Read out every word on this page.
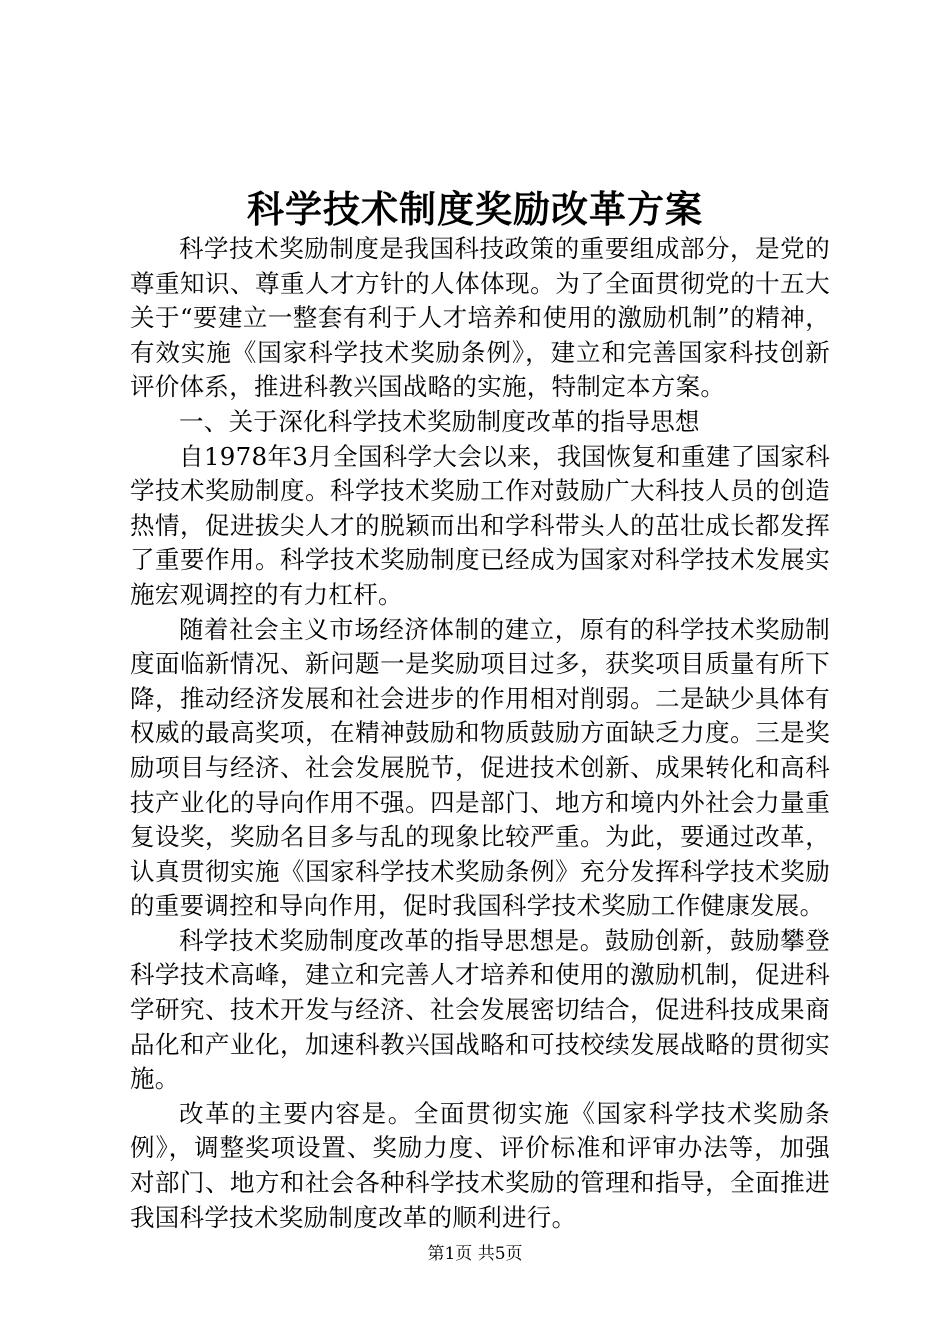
科学技术制度奖励改革方案

科学技术奖励制度是我国科技政策的重要组成部分，是党的尊重知识、尊重人才方针的人体体现。为了全面贯彻党的十五大关于“要建立一整套有利于人才培养和使用的激励机制”的精神，有效实施《国家科学技术奖励条例》，建立和完善国家科技创新评价体系，推进科教兴国战略的实施，特制定本方案。

一、关于深化科学技术奖励制度改革的指导思想

自1978年3月全国科学大会以来，我国恢复和重建了国家科学技术奖励制度。科学技术奖励工作对鼓励广大科技人员的创造热情，促进拔尖人才的脱颖而出和学科带头人的茁壮成长都发挥了重要作用。科学技术奖励制度已经成为国家对科学技术发展实施宏观调控的有力杠杆。

随着社会主义市场经济体制的建立，原有的科学技术奖励制度面临新情况、新问题一是奖励项目过多，获奖项目质量有所下降，推动经济发展和社会进步的作用相对削弱。二是缺少具体有权威的最高奖项，在精神鼓励和物质鼓励方面缺乏力度。三是奖励项目与经济、社会发展脱节，促进技术创新、成果转化和高科技产业化的导向作用不强。四是部门、地方和境内外社会力量重复设奖，奖励名目多与乱的现象比较严重。为此，要通过改革，认真贯彻实施《国家科学技术奖励条例》充分发挥科学技术奖励的重要调控和导向作用，促时我国科学技术奖励工作健康发展。

科学技术奖励制度改革的指导思想是。鼓励创新，鼓励攀登科学技术高峰，建立和完善人才培养和使用的激励机制，促进科学研究、技术开发与经济、社会发展密切结合，促进科技成果商品化和产业化，加速科教兴国战略和可技校续发展战略的贯彻实施。

改革的主要内容是。全面贯彻实施《国家科学技术奖励条例》，调整奖项设置、奖励力度、评价标准和评审办法等，加强对部门、地方和社会各种科学技术奖励的管理和指导，全面推进我国科学技术奖励制度改革的顺利进行。

第1页 共5页
